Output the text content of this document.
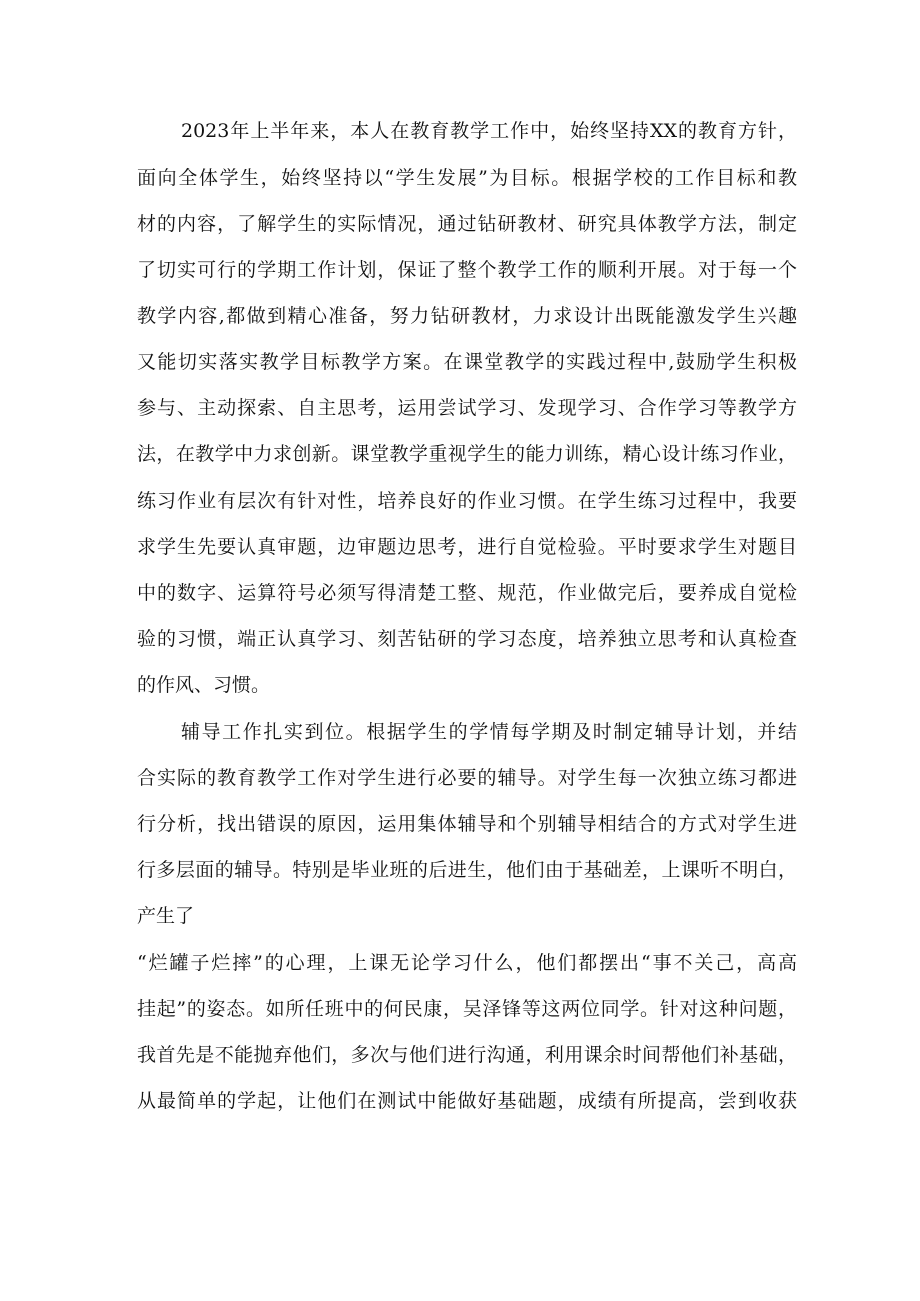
2023年上半年来，本人在教育教学工作中，始终坚持XX的教育方针，
面向全体学生，始终坚持以“学生发展”为目标。根据学校的工作目标和教
材的内容，了解学生的实际情况，通过钻研教材、研究具体教学方法，制定
了切实可行的学期工作计划，保证了整个教学工作的顺利开展。对于每一个
教学内容,都做到精心准备，努力钻研教材，力求设计出既能激发学生兴趣
又能切实落实教学目标教学方案。在课堂教学的实践过程中,鼓励学生积极
参与、主动探索、自主思考，运用尝试学习、发现学习、合作学习等教学方
法，在教学中力求创新。课堂教学重视学生的能力训练，精心设计练习作业，
练习作业有层次有针对性，培养良好的作业习惯。在学生练习过程中，我要
求学生先要认真审题，边审题边思考，进行自觉检验。平时要求学生对题目
中的数字、运算符号必须写得清楚工整、规范，作业做完后，要养成自觉检
验的习惯，端正认真学习、刻苦钻研的学习态度，培养独立思考和认真检查
的作风、习惯。
辅导工作扎实到位。根据学生的学情每学期及时制定辅导计划，并结
合实际的教育教学工作对学生进行必要的辅导。对学生每一次独立练习都进
行分析，找出错误的原因，运用集体辅导和个别辅导相结合的方式对学生进
行多层面的辅导。特别是毕业班的后进生，他们由于基础差，上课听不明白，
产生了
“烂罐子烂摔”的心理，上课无论学习什么，他们都摆出“事不关己，高高
挂起”的姿态。如所任班中的何民康，吴泽锋等这两位同学。针对这种问题，
我首先是不能抛弃他们，多次与他们进行沟通，利用课余时间帮他们补基础，
从最简单的学起，让他们在测试中能做好基础题，成绩有所提高，尝到收获
